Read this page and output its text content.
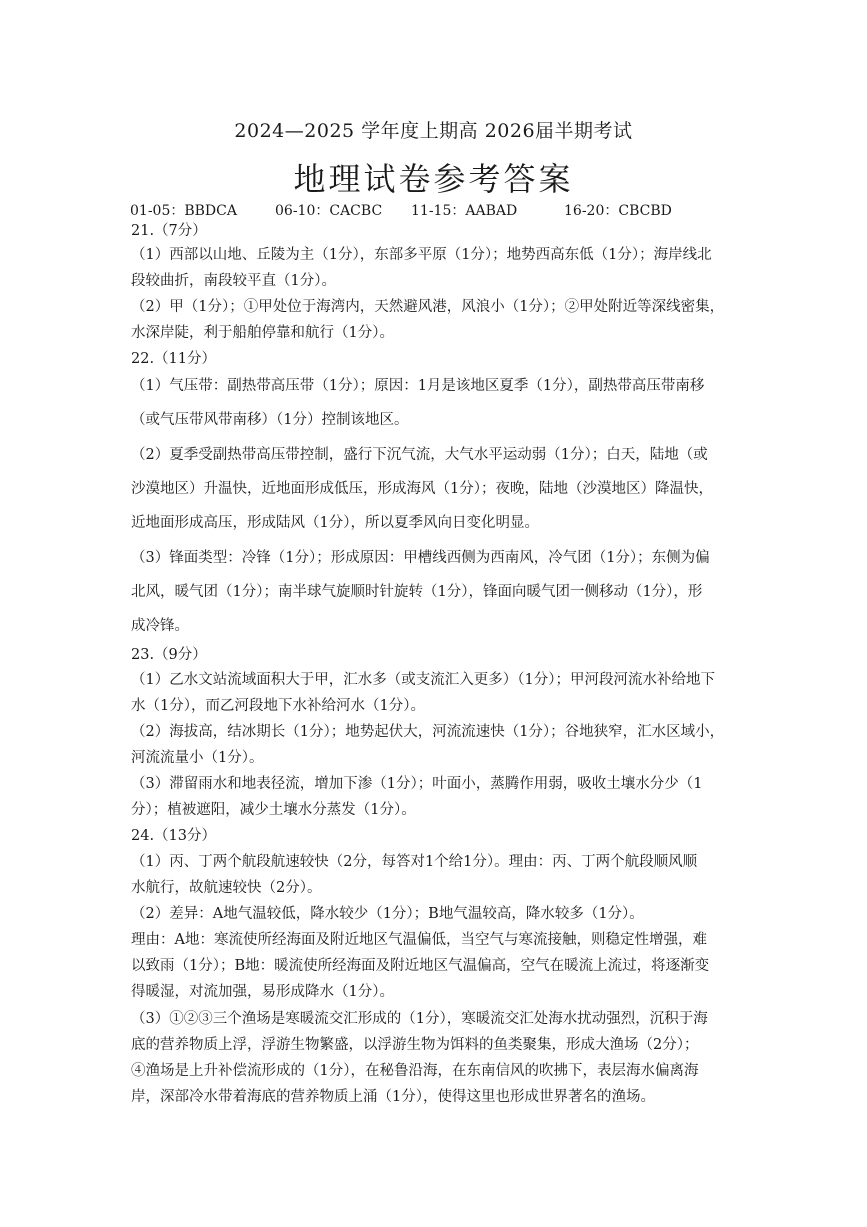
2024—2025 学年度上期高 2026届半期考试
地理试卷参考答案
01-05：BBDCA	06-10：CACBC 11-15：AABAD	16-20：CBCBD
21.（7分）
（1）西部以山地、丘陵为主（1分），东部多平原（1分）；地势西高东低（1分）；海岸线北
段较曲折，南段较平直（1分）。
（2）甲（1分）；①甲处位于海湾内，天然避风港，风浪小（1分）；②甲处附近等深线密集，
水深岸陡，利于船舶停靠和航行（1分）。
22.（11分）
（1）气压带：副热带高压带（1分）；原因：1月是该地区夏季（1分），副热带高压带南移
（或气压带风带南移）（1分）控制该地区。
（2）夏季受副热带高压带控制，盛行下沉气流，大气水平运动弱（1分）；白天，陆地（或
沙漠地区）升温快，近地面形成低压，形成海风（1分）；夜晚，陆地（沙漠地区）降温快，
近地面形成高压，形成陆风（1分），所以夏季风向日变化明显。
（3）锋面类型：冷锋（1分）；形成原因：甲槽线西侧为西南风，冷气团（1分）；东侧为偏
北风，暖气团（1分）；南半球气旋顺时针旋转（1分），锋面向暖气团一侧移动（1分），形
成冷锋。
23.（9分）
（1）乙水文站流域面积大于甲，汇水多（或支流汇入更多）（1分）；甲河段河流水补给地下
水（1分），而乙河段地下水补给河水（1分）。
（2）海拔高，结冰期长（1分）；地势起伏大，河流流速快（1分）；谷地狭窄，汇水区域小，
河流流量小（1分）。
（3）滞留雨水和地表径流，增加下渗（1分）；叶面小，蒸腾作用弱，吸收土壤水分少（1
分）；植被遮阳，减少土壤水分蒸发（1分）。
24.（13分）
（1）丙、丁两个航段航速较快（2分，每答对1个给1分）。理由：丙、丁两个航段顺风顺
水航行，故航速较快（2分）。
（2）差异：A地气温较低，降水较少（1分）；B地气温较高，降水较多（1分）。
理由：A地：寒流使所经海面及附近地区气温偏低，当空气与寒流接触，则稳定性增强，难
以致雨（1分）；B地：暖流使所经海面及附近地区气温偏高，空气在暖流上流过，将逐渐变
得暖湿，对流加强，易形成降水（1分）。
（3）①②③三个渔场是寒暖流交汇形成的（1分），寒暖流交汇处海水扰动强烈，沉积于海
底的营养物质上浮，浮游生物繁盛，以浮游生物为饵料的鱼类聚集，形成大渔场（2分）；
④渔场是上升补偿流形成的（1分），在秘鲁沿海，在东南信风的吹拂下，表层海水偏离海
岸，深部冷水带着海底的营养物质上涌（1分），使得这里也形成世界著名的渔场。
